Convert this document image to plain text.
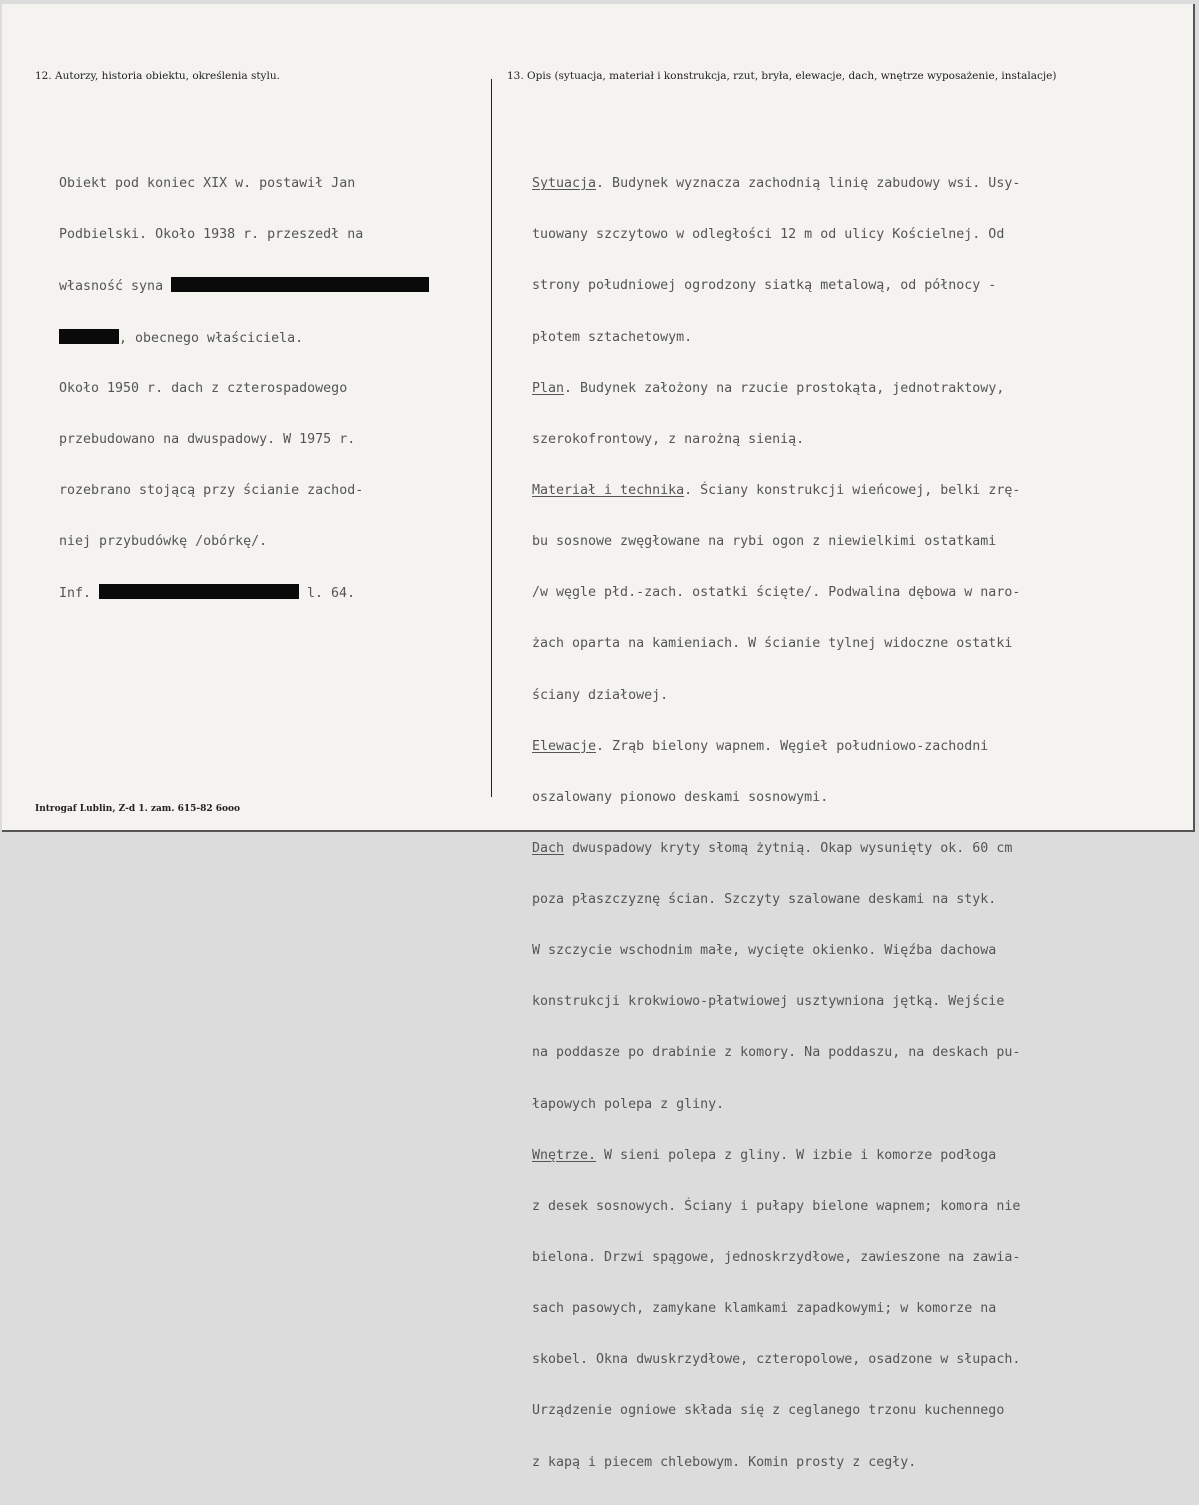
12. Autorzy, historia obiektu, określenia stylu.	13. Opis (sytuacja, materiał i konstrukcja, rzut, bryła, elewacje, dach, wnętrze wyposażenie, instalacje)

Obiekt pod koniec XIX w. postawił Jan

Podbielski. Około 1938 r. przeszedł na

własność syna

, obecnego właściciela.

Około 1950 r. dach z czterospadowego

przebudowano na dwuspadowy. W 1975 r.

rozebrano stojącą przy ścianie zachod-

niej przybudówkę /obórkę/.

Inf.	l. 64.

Sytuacja. Budynek wyznacza zachodnią linię zabudowy wsi. Usy-

tuowany szczytowo w odległości 12 m od ulicy Kościelnej. Od

strony południowej ogrodzony siatką metalową, od północy -

płotem sztachetowym.

Plan. Budynek założony na rzucie prostokąta, jednotraktowy,

szerokofrontowy, z narożną sienią.

Materiał i technika. Ściany konstrukcji wieńcowej, belki zrę-

bu sosnowe zwęgłowane na rybi ogon z niewielkimi ostatkami

/w węgle płd.-zach. ostatki ścięte/. Podwalina dębowa w naro-

żach oparta na kamieniach. W ścianie tylnej widoczne ostatki

ściany działowej.

Elewacje. Zrąb bielony wapnem. Węgieł południowo-zachodni

oszalowany pionowo deskami sosnowymi.

Dach dwuspadowy kryty słomą żytnią. Okap wysunięty ok. 60 cm

poza płaszczyznę ścian. Szczyty szalowane deskami na styk.

W szczycie wschodnim małe, wycięte okienko. Więźba dachowa

konstrukcji krokwiowo-płatwiowej usztywniona jętką. Wejście

na poddasze po drabinie z komory. Na poddaszu, na deskach pu-

łapowych polepa z gliny.

Wnętrze. W sieni polepa z gliny. W izbie i komorze podłoga

z desek sosnowych. Ściany i pułapy bielone wapnem; komora nie

bielona. Drzwi spągowe, jednoskrzydłowe, zawieszone na zawia-

sach pasowych, zamykane klamkami zapadkowymi; w komorze na

skobel. Okna dwuskrzydłowe, czteropolowe, osadzone w słupach.

Urządzenie ogniowe składa się z ceglanego trzonu kuchennego

z kapą i piecem chlebowym. Komin prosty z cegły.

Introgaf Lublin, Z-d 1. zam. 615-82 6ooo
